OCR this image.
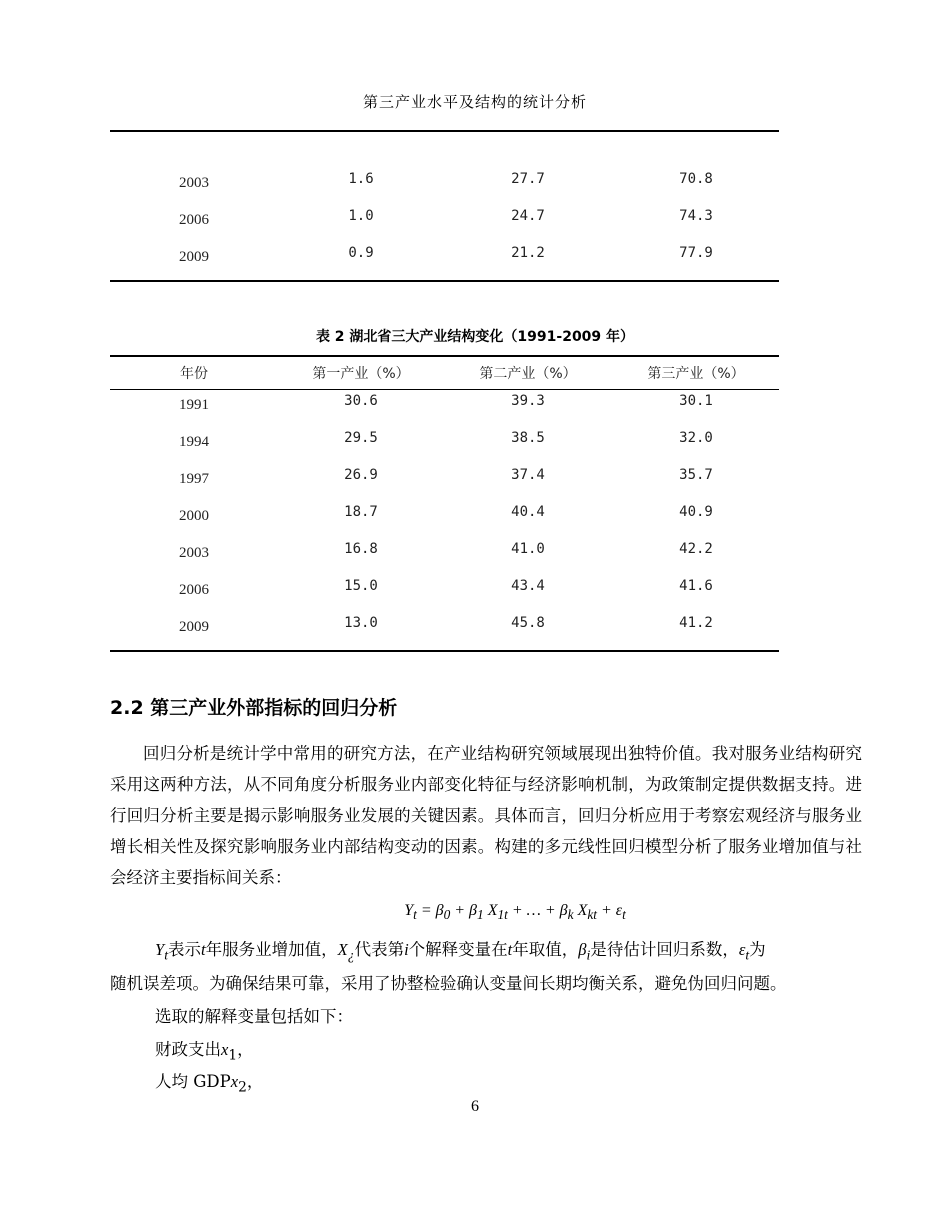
第三产业水平及结构的统计分析
2003	1.6	27.7	70.8
2006	1.0	24.7	74.3
2009	0.9	21.2	77.9
表 2 湖北省三大产业结构变化（1991-2009 年）
年份	第一产业（%）	第二产业（%）	第三产业（%）
1991	30.6	39.3	30.1
1994	29.5	38.5	32.0
1997	26.9	37.4	35.7
2000	18.7	40.4	40.9
2003	16.8	41.0	42.2
2006	15.0	43.4	41.6
2009	13.0	45.8	41.2
2.2 第三产业外部指标的回归分析
回归分析是统计学中常用的研究方法，在产业结构研究领域展现出独特价值。我对服务业结构研究采用这两种方法，从不同角度分析服务业内部变化特征与经济影响机制，为政策制定提供数据支持。进行回归分析主要是揭示影响服务业发展的关键因素。具体而言，回归分析应用于考察宏观经济与服务业增长相关性及探究影响服务业内部结构变动的因素。构建的多元线性回归模型分析了服务业增加值与社会经济主要指标间关系：
$Y_t = \beta_0 + \beta_1$ $X_{1t}$ + … + $\beta_k$ $X_{kt} + \varepsilon_t$
$Y_t$表示t年服务业增加值，$X_¿$代表第i个解释变量在t年取值，$\beta_i$是待估计回归系数，$\varepsilon_t$为
随机误差项。为确保结果可靠，采用了协整检验确认变量间长期均衡关系，避免伪回归问题。
选取的解释变量包括如下：
财政支出$x_1$，
人均 GDPx$_2$，
6
